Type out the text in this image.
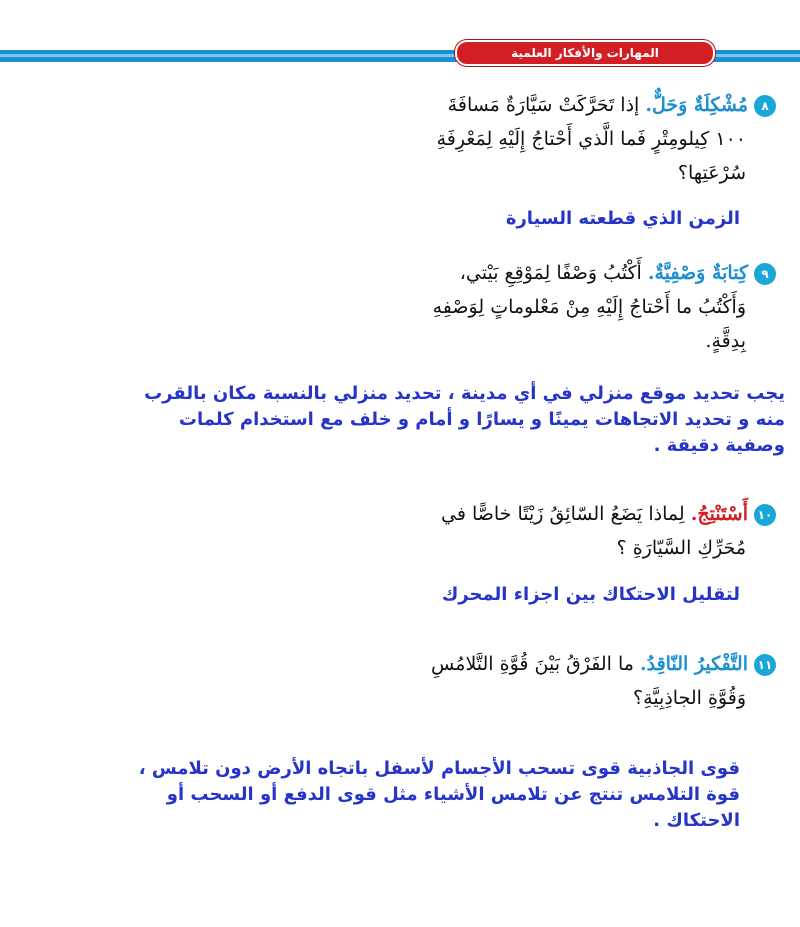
المهارات والأفكار العلمية
٨مُشْكِلَةٌ وَحَلٌّ. إذا تَحَرَّكَتْ سَيَّارَةٌ مَسافَةَ
١٠٠ كِيلومِتْرٍ فَما الَّذي أَحْتاجُ إِلَيْهِ لِمَعْرِفَةِ
سُرْعَتِها؟
الزمن الذي قطعته السيارة
٩كِتابَةٌ وَصْفِيَّةٌ. أَكْتُبُ وَصْفًا لِمَوْقِعِ بَيْتي،
وَأَكْتُبُ ما أَحْتاجُ إِلَيْهِ مِنْ مَعْلوماتٍ لِوَصْفِهِ
بِدِقَّةٍ.
يجب تحديد موقع منزلي في أي مدينة ، تحديد منزلي بالنسبة مكان بالقرب
منه و تحديد الاتجاهات يمينًا و يسارًا و أمام و خلف مع استخدام كلمات
وصفية دقيقة .
١٠أَسْتَنْتِجُ. لِماذا يَضَعُ السّائِقُ زَيْتًا خاصًّا في
مُحَرِّكِ السَّيّارَةِ ؟
لتقليل الاحتكاك بين اجزاء المحرك
١١التَّفْكيرُ النّاقِدُ. ما الفَرْقُ بَيْنَ قُوَّةِ التَّلامُسِ
وَقُوَّةِ الجاذِبِيَّةِ؟
قوى الجاذبية قوى تسحب الأجسام لأسفل باتجاه الأرض دون تلامس ،
قوة التلامس تنتج عن تلامس الأشياء مثل قوى الدفع أو السحب أو
الاحتكاك .
